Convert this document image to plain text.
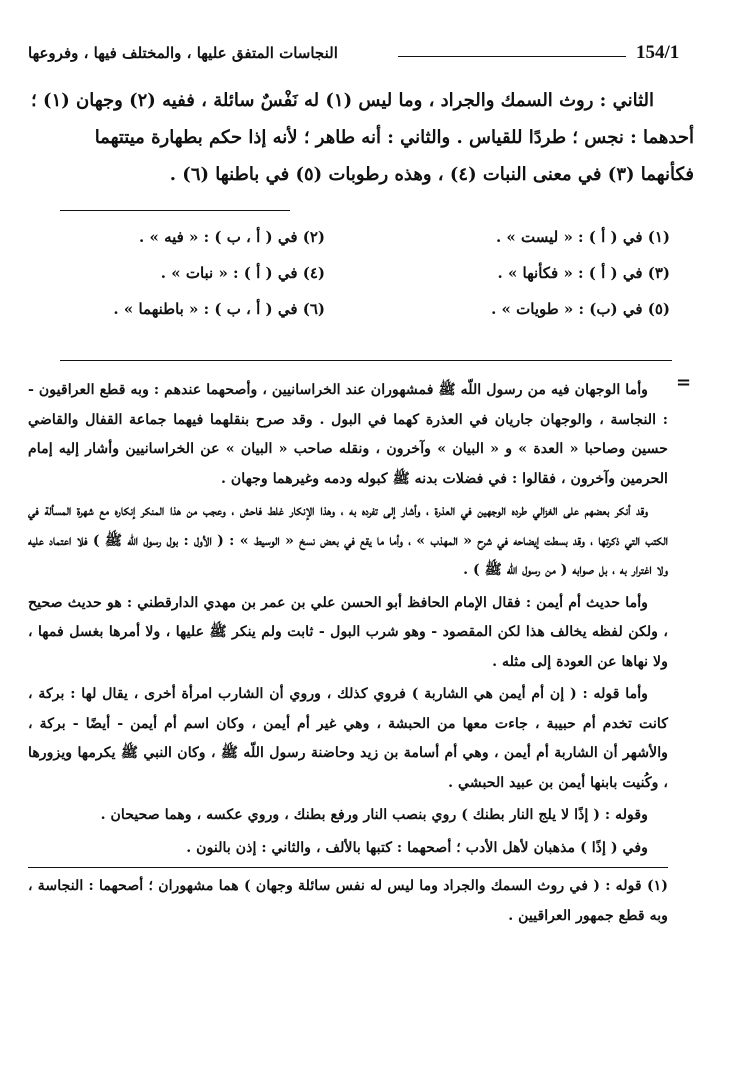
154/1
النجاسات المتفق عليها ، والمختلف فيها ، وفروعها

الثاني : روث السمك والجراد ، وما ليس (١) له نَفْسٌ سائلة ، ففيه (٢) وجهان (١) ؛

أحدهما : نجس ؛ طردًا للقياس . والثاني : أنه طاهر ؛ لأنه إذا حكم بطهارة ميتتهما

فكأنهما (٣) في معنى النبات (٤) ، وهذه رطوبات (٥) في باطنها (٦) .

(١) في ( أ ) : « ليست » .
(٢) في ( أ ، ب ) : « فيه » .
(٣) في ( أ ) : « فكأنها » .
(٤) في ( أ ) : « نبات » .
(٥) في (ب) : « طويات » .
(٦) في ( أ ، ب ) : « باطنهما » .
=

وأما الوجهان فيه من رسول اللّه ﷺ فمشهوران عند الخراسانيين ، وأصحهما عندهم : وبه قطع العراقيون - : النجاسة ، والوجهان جاريان في العذرة كهما في البول . وقد صرح بنقلهما فيهما جماعة القفال والقاضي حسين وصاحبا « العدة » و « البيان » وآخرون ، ونقله صاحب « البيان » عن الخراسانيين وأشار إليه إمام الحرمين وآخرون ، فقالوا : في فضلات بدنه ﷺ كبوله ودمه وغيرهما وجهان .

وقد أنكر بعضهم على الغزالي طرده الوجهين في العذرة ، وأشار إلى تفرده به ، وهذا الإنكار غلط فاحش ، وعجب من هذا المنكر إنكاره مع شهرة المسألة في الكتب التي ذكرتها ، وقد بسطت إيضاحه في شرح « المهذب » ، وأما ما يقع في بعض نسخ « الوسيط » : ( الأول : بول رسول اللّه ﷺ ) فلا اعتماد عليه ولا اغترار به ، بل صوابه ( من رسول اللّه ﷺ ) .

وأما حديث أم أيمن : فقال الإمام الحافظ أبو الحسن علي بن عمر بن مهدي الدارقطني : هو حديث صحيح ، ولكن لفظه يخالف هذا لكن المقصود - وهو شرب البول - ثابت ولم ينكر ﷺ عليها ، ولا أمرها بغسل فمها ، ولا نهاها عن العودة إلى مثله .

وأما قوله : ( إن أم أيمن هي الشاربة ) فروي كذلك ، وروي أن الشارب امرأة أخرى ، يقال لها : بركة ، كانت تخدم أم حبيبة ، جاءت معها من الحبشة ، وهي غير أم أيمن ، وكان اسم أم أيمن - أيضًا - بركة ، والأشهر أن الشاربة أم أيمن ، وهي أم أسامة بن زيد وحاضنة رسول اللّه ﷺ ، وكان النبي ﷺ يكرمها ويزورها ، وكُنيت بابنها أيمن بن عبيد الحبشي .

وقوله : ( إذًا لا يلج النار بطنك ) روي بنصب النار ورفع بطنك ، وروي عكسه ، وهما صحيحان .

وفي ( إذًا ) مذهبان لأهل الأدب ؛ أصحهما : كتبها بالألف ، والثاني : إذن بالنون .

(١) قوله : ( في روث السمك والجراد وما ليس له نفس سائلة وجهان ) هما مشهوران ؛ أصحهما : النجاسة ، وبه قطع جمهور العراقيين .
